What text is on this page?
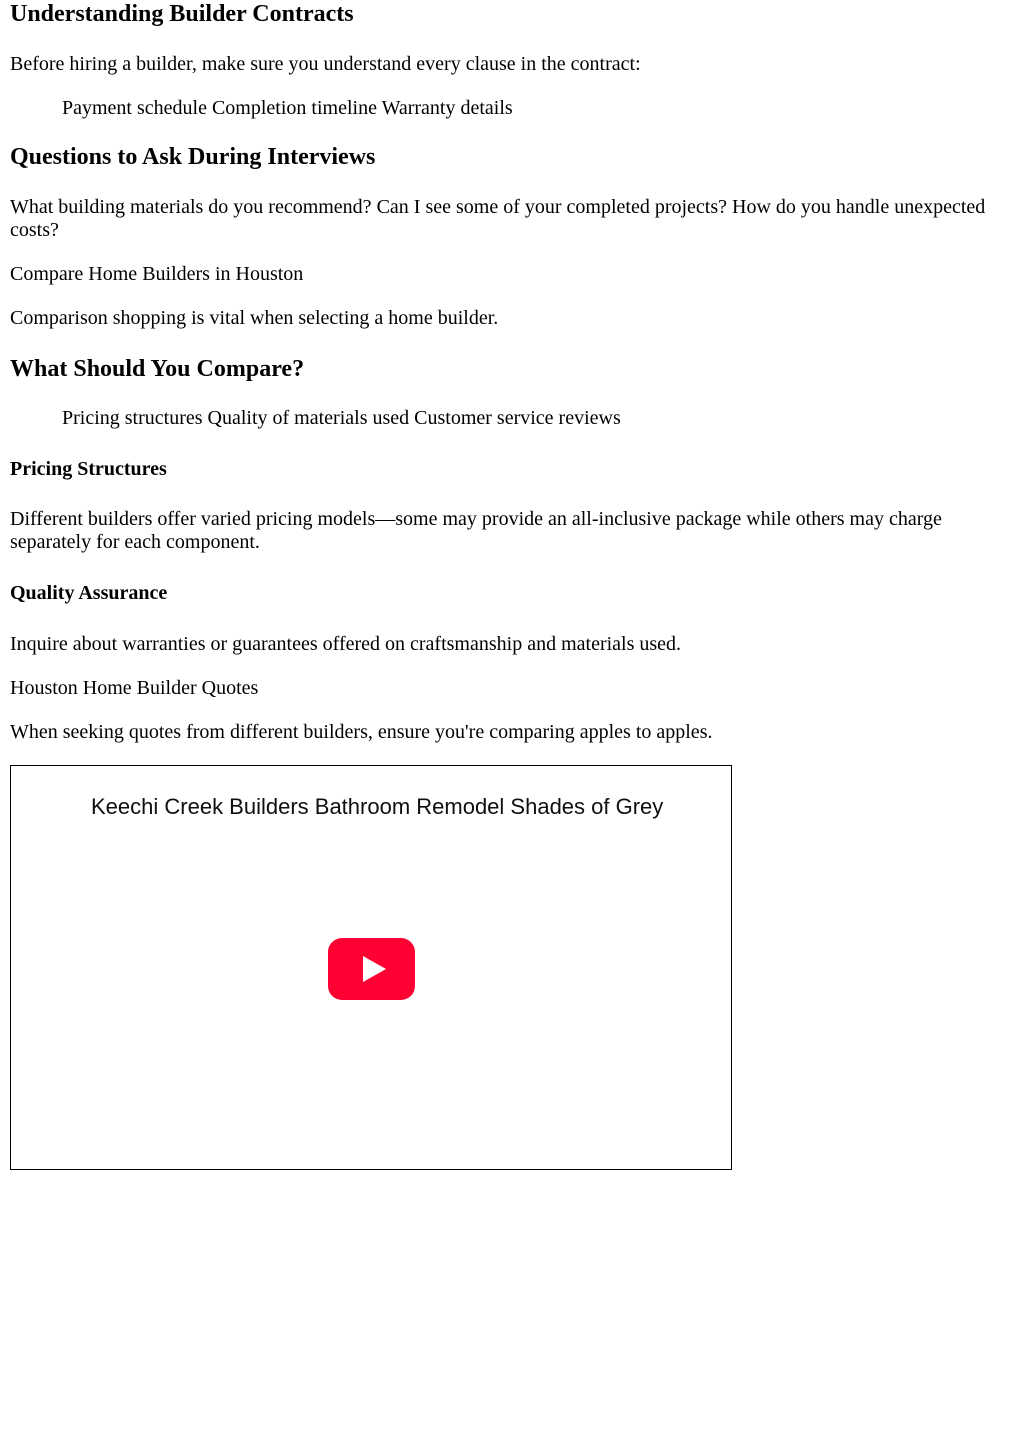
Understanding Builder Contracts

Before hiring a builder, make sure you understand every clause in the contract:

Payment schedule Completion timeline Warranty details

Questions to Ask During Interviews

What building materials do you recommend? Can I see some of your completed projects? How do you handle unexpected costs?

Compare Home Builders in Houston

Comparison shopping is vital when selecting a home builder.

What Should You Compare?

Pricing structures Quality of materials used Customer service reviews

Pricing Structures

Different builders offer varied pricing models—some may provide an all-inclusive package while others may charge separately for each component.

Quality Assurance

Inquire about warranties or guarantees offered on craftsmanship and materials used.

Houston Home Builder Quotes

When seeking quotes from different builders, ensure you're comparing apples to apples.

Keechi Creek Builders Bathroom Remodel Shades of Grey
